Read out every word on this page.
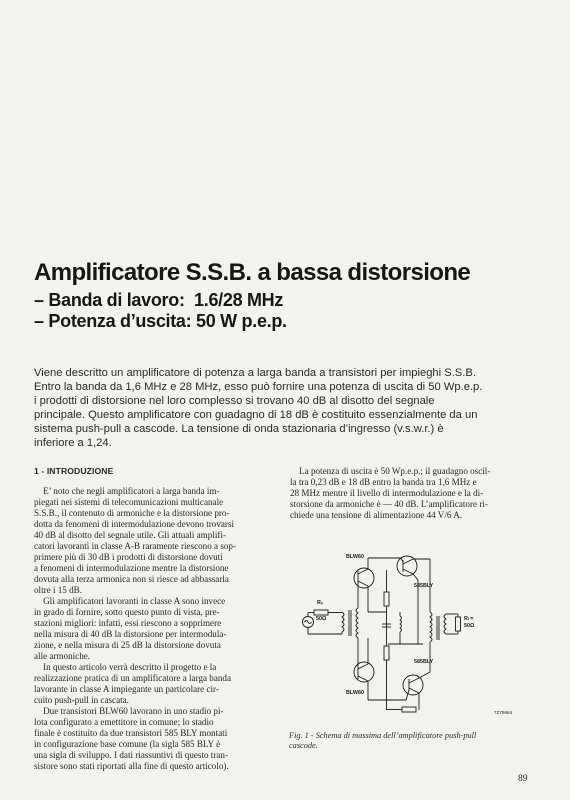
Amplificatore S.S.B. a bassa distorsione
– Banda di lavoro:  1.6/28 MHz
– Potenza d’uscita: 50 W p.e.p.
Viene descritto un amplificatore di potenza a larga banda a transistori per impieghi S.S.B.
Entro la banda da 1,6 MHz e 28 MHz, esso può fornire una potenza di uscita di 50 Wp.e.p.
i prodotti di distorsione nel loro complesso si trovano 40 dB al disotto del segnale
principale. Questo amplificatore con guadagno di 18 dB è costituito essenzialmente da un
sistema push-pull a cascode. La tensione di onda stazionaria d’ingresso (v.s.w.r.) è
inferiore a 1,24.
1 - INTRODUZIONE
E’ noto che negli amplificatori a larga banda im-
piegati nei sistemi di telecomunicazioni multicanale
S.S.B., il contenuto di armoniche e la distorsione pro-
dotta da fenomeni di intermodulazione devono trovarsi
40 dB al disotto del segnale utile. Gli attuali amplifi-
catori lavoranti in classe A-B raramente riescono a sop-
primere più di 30 dB i prodotti di distorsione dovuti
a fenomeni di intermodulazione mentre la distorsione
dovuta alla terza armonica non si riesce ad abbassarla
oltre i 15 dB.
Gli amplificatori lavoranti in classe A sono invece
in grado di fornire, sotto questo punto di vista, pre-
stazioni migliori: infatti, essi riescono a sopprimere
nella misura di 40 dB la distorsione per intermodula-
zione, e nella misura di 25 dB la distorsione dovuta
alle armoniche.
In questo articolo verrà descritto il progetto e la
realizzazione pratica di un amplificatore a larga banda
lavorante in classe A impiegante un particolare cir-
cuito push-pull in cascata.
Due transistori BLW60 lavorano in uno stadio pi-
lota configurato a emettitore in comune; lo stadio
finale è costituito da due transistori 585 BLY montati
in configurazione base comune (la sigla 585 BLY è
una sigla di sviluppo. I dati riassuntivi di questo tran-
sistore sono stati riportati alla fine di questo articolo).
La potenza di uscita è 50 Wp.e.p.; il guadagno oscil-
la tra 0,23 dB e 18 dB entro la banda tra 1,6 MHz e
28 MHz mentre il livello di intermodulazione e la di-
storsione da armoniche è — 40 dB. L’amplificatore ri-
chiede una tensione di alimentazione 44 V/6 A.
BLW60
585BLY
BLW60
585BLY
Rₛ
50Ω	Rₗ =
50Ω
7Z79684
Fig. 1 - Schema di massima dell’amplificatore push-pull
cascode.
89
